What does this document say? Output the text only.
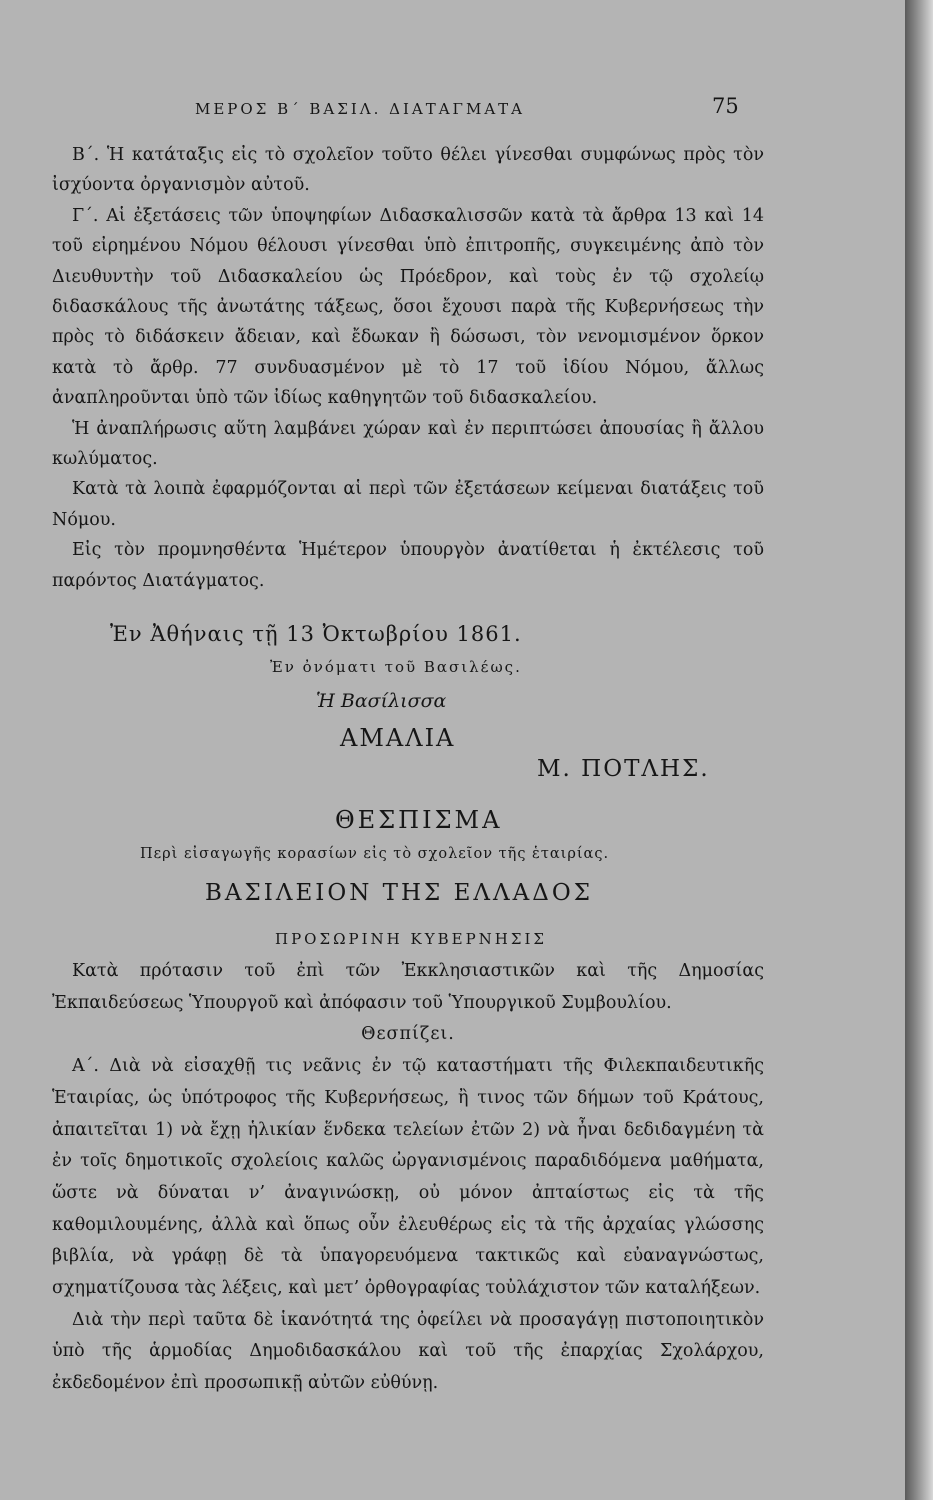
ΜΕΡΟΣ Β΄ ΒΑΣΙΛ. ΔΙΑΤΑΓΜΑΤΑ	75

Β΄. Ἡ κατάταξις εἰς τὸ σχολεῖον τοῦτο θέλει γίνεσθαι συμφώνως πρὸς τὸν ἰσχύοντα ὀργανισμὸν αὐτοῦ.

Γ΄. Αἱ ἐξετάσεις τῶν ὑποψηφίων Διδασκαλισσῶν κατὰ τὰ ἄρθρα 13 καὶ 14 τοῦ εἰρημένου Νόμου θέλουσι γίνεσθαι ὑπὸ ἐπιτροπῆς, συγκειμένης ἀπὸ τὸν Διευθυντὴν τοῦ Διδασκαλείου ὡς Πρόεδρον, καὶ τοὺς ἐν τῷ σχολείῳ διδασκάλους τῆς ἀνωτάτης τάξεως, ὅσοι ἔχουσι παρὰ τῆς Κυβερνήσεως τὴν πρὸς τὸ διδάσκειν ἄδειαν, καὶ ἔδωκαν ἢ δώσωσι, τὸν νενομισμένον ὅρκον κατὰ τὸ ἄρθρ. 77 συνδυασμένον μὲ τὸ 17 τοῦ ἰδίου Νόμου, ἄλλως ἀναπληροῦνται ὑπὸ τῶν ἰδίως καθηγητῶν τοῦ διδασκαλείου.

Ἡ ἀναπλήρωσις αὕτη λαμβάνει χώραν καὶ ἐν περιπτώσει ἀπουσίας ἢ ἄλλου κωλύματος.

Κατὰ τὰ λοιπὰ ἐφαρμόζονται αἱ περὶ τῶν ἐξετάσεων κείμεναι διατάξεις τοῦ Νόμου.

Εἰς τὸν προμνησθέντα Ἡμέτερον ὑπουργὸν ἀνατίθεται ἡ ἐκτέλεσις τοῦ παρόντος Διατάγματος.

Ἐν Ἀθήναις τῇ 13 Ὀκτωβρίου 1861.
Ἐν ὀνόματι τοῦ Βασιλέως.
Ἡ Βασίλισσα
ΑΜΑΛΙΑ
Μ. ΠΟΤΛΗΣ.
ΘΕΣΠΙΣΜΑ
Περὶ εἰσαγωγῆς κορασίων εἰς τὸ σχολεῖον τῆς ἑταιρίας.
ΒΑΣΙΛΕΙΟΝ ΤΗΣ ΕΛΛΑΔΟΣ
ΠΡΟΣΩΡΙΝΗ ΚΥΒΕΡΝΗΣΙΣ

Κατὰ πρότασιν τοῦ ἐπὶ τῶν Ἐκκλησιαστικῶν καὶ τῆς Δημοσίας Ἐκπαιδεύσεως Ὑπουργοῦ καὶ ἀπόφασιν τοῦ Ὑπουργικοῦ Συμβουλίου.

Θεσπίζει.

Α΄. Διὰ νὰ εἰσαχθῇ τις νεᾶνις ἐν τῷ καταστήματι τῆς Φιλεκπαιδευτικῆς Ἑταιρίας, ὡς ὑπότροφος τῆς Κυβερνήσεως, ἢ τινος τῶν δήμων τοῦ Κράτους, ἀπαιτεῖται 1) νὰ ἔχῃ ἡλικίαν ἕνδεκα τελείων ἐτῶν 2) νὰ ἦναι δεδιδαγμένη τὰ ἐν τοῖς δημοτικοῖς σχολείοις καλῶς ὠργανισμένοις παραδιδόμενα μαθήματα, ὥστε νὰ δύναται ν’ ἀναγινώσκῃ, οὐ μόνον ἀπταίστως εἰς τὰ τῆς καθομιλουμένης, ἀλλὰ καὶ ὅπως οὖν ἐλευθέρως εἰς τὰ τῆς ἀρχαίας γλώσσης βιβλία, νὰ γράφῃ δὲ τὰ ὑπαγορευόμενα τακτικῶς καὶ εὐαναγνώστως, σχηματίζουσα τὰς λέξεις, καὶ μετ’ ὀρθογραφίας τοὐλάχιστον τῶν καταλήξεων.

Διὰ τὴν περὶ ταῦτα δὲ ἱκανότητά της ὀφείλει νὰ προσαγάγῃ πιστοποιητικὸν ὑπὸ τῆς ἁρμοδίας Δημοδιδασκάλου καὶ τοῦ τῆς ἐπαρχίας Σχολάρχου, ἐκδεδομένον ἐπὶ προσωπικῇ αὐτῶν εὐθύνῃ.
